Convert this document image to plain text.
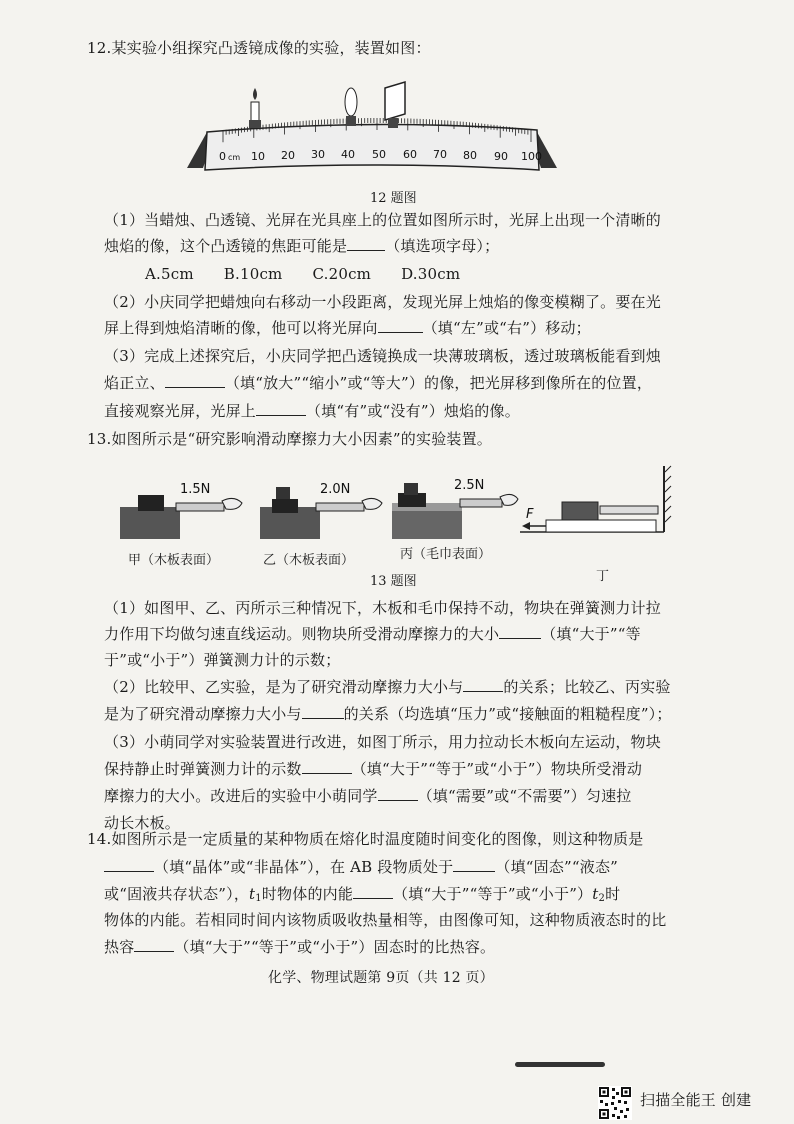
12.某实验小组探究凸透镜成像的实验，装置如图：
0 cm 10 20 30 40 50 60 70 80 90 100
12 题图
（1）当蜡烛、凸透镜、光屏在光具座上的位置如图所示时，光屏上出现一个清晰的
烛焰的像，这个凸透镜的焦距可能是	（填选项字母）；
A.5cm B.10cm C.20cm D.30cm
（2）小庆同学把蜡烛向右移动一小段距离，发现光屏上烛焰的像变模糊了。要在光
屏上得到烛焰清晰的像，他可以将光屏向	（填“左”或“右”）移动；
（3）完成上述探究后，小庆同学把凸透镜换成一块薄玻璃板，透过玻璃板能看到烛
焰正立、	（填“放大”“缩小”或“等大”）的像，把光屏移到像所在的位置，
直接观察光屏，光屏上	（填“有”或“没有”）烛焰的像。
13.如图所示是“研究影响滑动摩擦力大小因素”的实验装置。
1.5N
甲（木板表面）
2.0N
乙（木板表面）
2.5N
丙（毛巾表面）
F
丁
13 题图
（1）如图甲、乙、丙所示三种情况下，木板和毛巾保持不动，物块在弹簧测力计拉
力作用下均做匀速直线运动。则物块所受滑动摩擦力的大小	（填“大于”“等
于”或“小于”）弹簧测力计的示数；
（2）比较甲、乙实验，是为了研究滑动摩擦力大小与	的关系；比较乙、丙实验
是为了研究滑动摩擦力大小与	的关系（均选填“压力”或“接触面的粗糙程度”）；
（3）小萌同学对实验装置进行改进，如图丁所示，用力拉动长木板向左运动，物块
保持静止时弹簧测力计的示数	（填“大于”“等于”或“小于”）物块所受滑动
摩擦力的大小。改进后的实验中小萌同学	（填“需要”或“不需要”）匀速拉
动长木板。
14.如图所示是一定质量的某种物质在熔化时温度随时间变化的图像，则这种物质是
（填“晶体”或“非晶体”），在 AB 段物质处于	（填“固态”“液态”
或“固液共存状态”），$t_1$时物体的内能	（填“大于”“等于”或“小于$”)t_2$时
物体的内能。若相同时间内该物质吸收热量相等，由图像可知，这种物质液态时的比
热容	（填“大于”“等于”或“小于”）固态时的比热容。
化学、物理试题第 9页（共 12 页）
扫描全能王 创建
